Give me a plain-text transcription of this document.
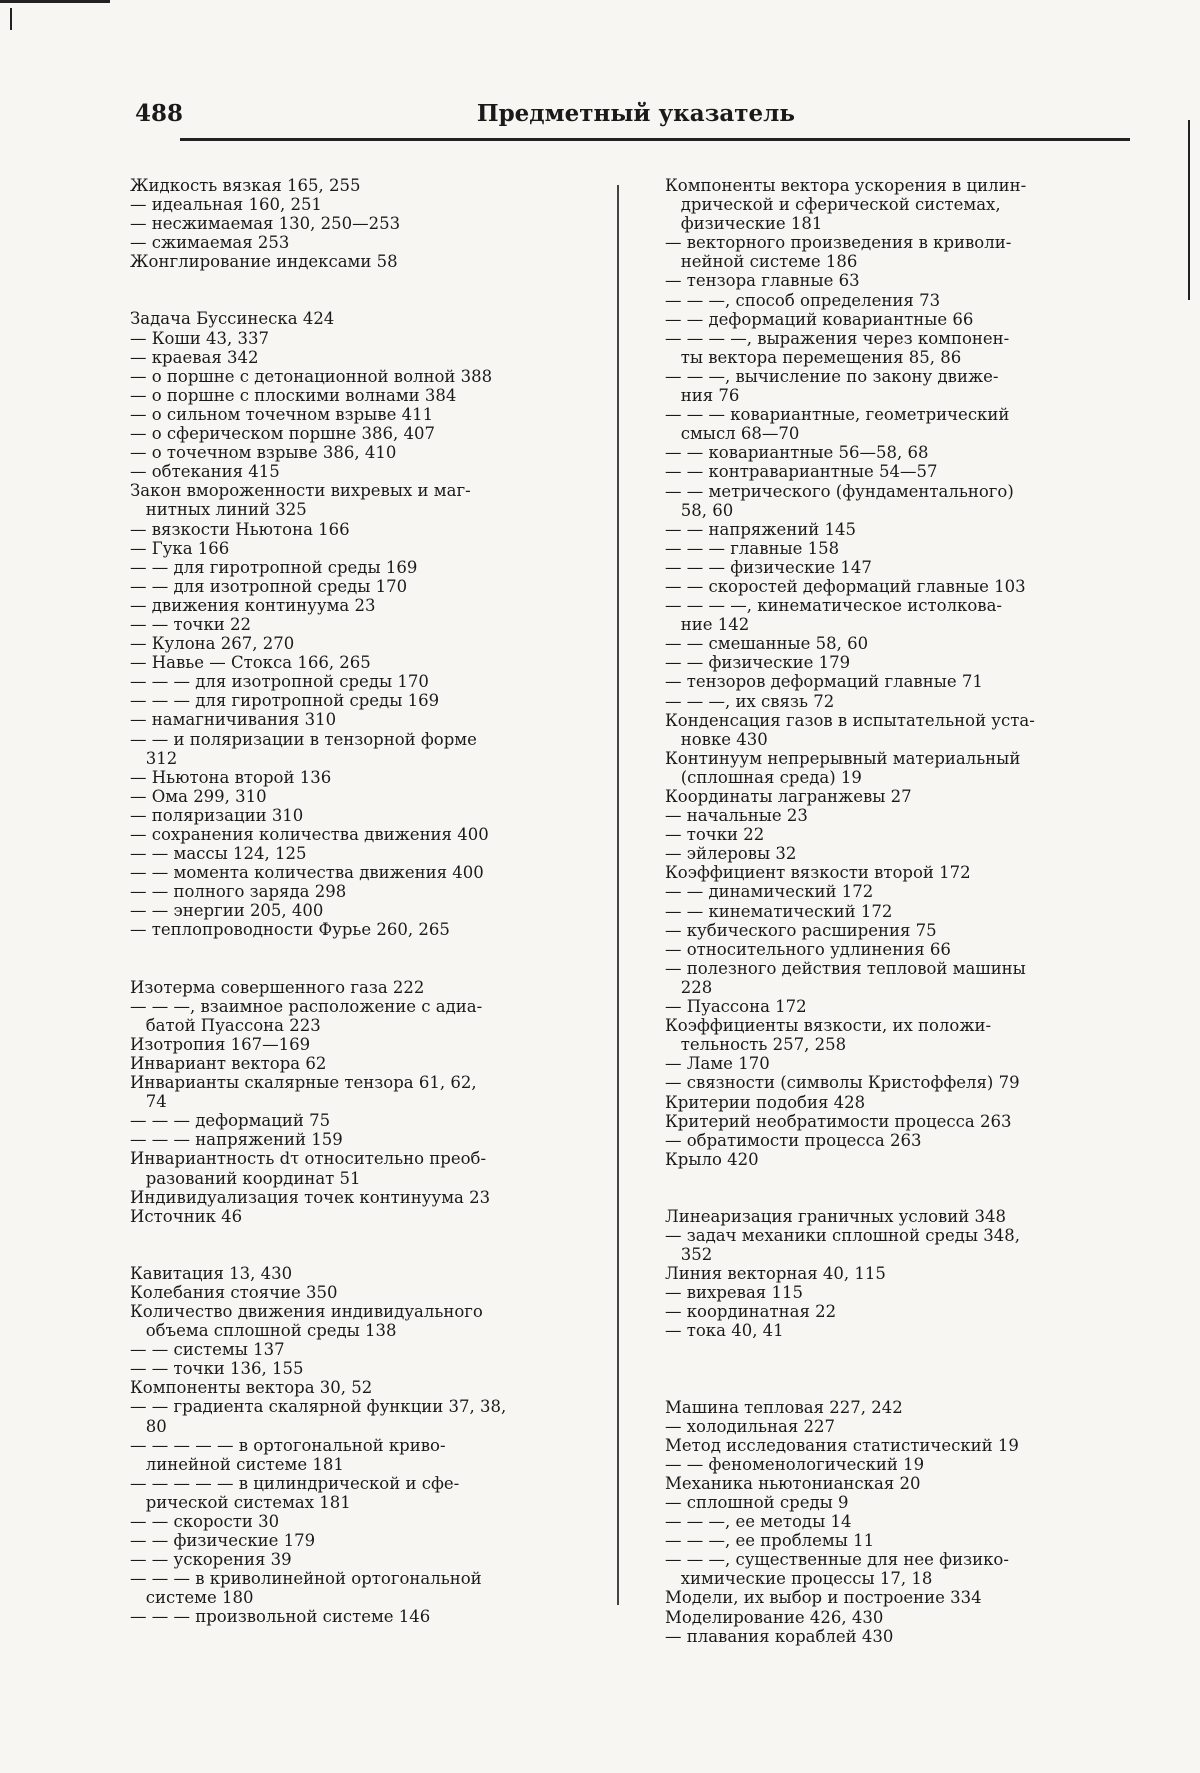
488	Предметный указатель
Жидкость вязкая 165, 255
— идеальная 160, 251
— несжимаемая 130, 250—253
— сжимаемая 253
Жонглирование индексами 58
Задача Буссинеска 424
— Коши 43, 337
— краевая 342
— о поршне с детонационной волной 388
— о поршне с плоскими волнами 384
— о сильном точечном взрыве 411
— о сферическом поршне 386, 407
— о точечном взрыве 386, 410
— обтекания 415
Закон вмороженности вихревых и маг-
нитных линий 325
— вязкости Ньютона 166
— Гука 166
— — для гиротропной среды 169
— — для изотропной среды 170
— движения континуума 23
— — точки 22
— Кулона 267, 270
— Навье — Стокса 166, 265
— — — для изотропной среды 170
— — — для гиротропной среды 169
— намагничивания 310
— — и поляризации в тензорной форме
312
— Ньютона второй 136
— Ома 299, 310
— поляризации 310
— сохранения количества движения 400
— — массы 124, 125
— — момента количества движения 400
— — полного заряда 298
— — энергии 205, 400
— теплопроводности Фурье 260, 265
Изотерма совершенного газа 222
— — —, взаимное расположение с адиа-
батой Пуассона 223
Изотропия 167—169
Инвариант вектора 62
Инварианты скалярные тензора 61, 62,
74
— — — деформаций 75
— — — напряжений 159
Инвариантность dτ относительно преоб-
разований координат 51
Индивидуализация точек континуума 23
Источник 46
Кавитация 13, 430
Колебания стоячие 350
Количество движения индивидуального
объема сплошной среды 138
— — системы 137
— — точки 136, 155
Компоненты вектора 30, 52
— — градиента скалярной функции 37, 38,
80
— — — — — в ортогональной криво-
линейной системе 181
— — — — — в цилиндрической и сфе-
рической системах 181
— — скорости 30
— — физические 179
— — ускорения 39
— — — в криволинейной ортогональной
системе 180
— — — произвольной системе 146
Компоненты вектора ускорения в цилин-
дрической и сферической системах,
физические 181
— векторного произведения в криволи-
нейной системе 186
— тензора главные 63
— — —, способ определения 73
— — деформаций ковариантные 66
— — — —, выражения через компонен-
ты вектора перемещения 85, 86
— — —, вычисление по закону движе-
ния 76
— — — ковариантные, геометрический
смысл 68—70
— — ковариантные 56—58, 68
— — контравариантные 54—57
— — метрического (фундаментального)
58, 60
— — напряжений 145
— — — главные 158
— — — физические 147
— — скоростей деформаций главные 103
— — — —, кинематическое истолкова-
ние 142
— — смешанные 58, 60
— — физические 179
— тензоров деформаций главные 71
— — —, их связь 72
Конденсация газов в испытательной уста-
новке 430
Континуум непрерывный материальный
(сплошная среда) 19
Координаты лагранжевы 27
— начальные 23
— точки 22
— эйлеровы 32
Коэффициент вязкости второй 172
— — динамический 172
— — кинематический 172
— кубического расширения 75
— относительного удлинения 66
— полезного действия тепловой машины
228
— Пуассона 172
Коэффициенты вязкости, их положи-
тельность 257, 258
— Ламе 170
— связности (символы Кристоффеля) 79
Критерии подобия 428
Критерий необратимости процесса 263
— обратимости процесса 263
Крыло 420
Линеаризация граничных условий 348
— задач механики сплошной среды 348,
352
Линия векторная 40, 115
— вихревая 115
— координатная 22
— тока 40, 41
Машина тепловая 227, 242
— холодильная 227
Метод исследования статистический 19
— — феноменологический 19
Механика ньютонианская 20
— сплошной среды 9
— — —, ее методы 14
— — —, ее проблемы 11
— — —, существенные для нее физико-
химические процессы 17, 18
Модели, их выбор и построение 334
Моделирование 426, 430
— плавания кораблей 430
